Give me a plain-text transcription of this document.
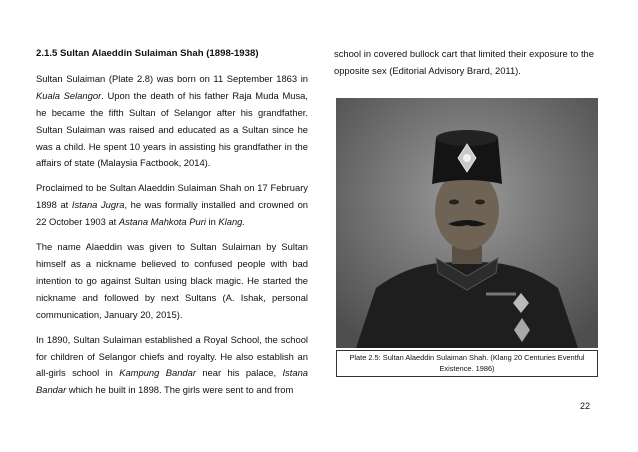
2.1.5 Sultan Alaeddin Sulaiman Shah (1898-1938)

Sultan Sulaiman (Plate 2.8) was born on 11 September 1863 in Kuala Selangor. Upon the death of his father Raja Muda Musa, he became the fifth Sultan of Selangor after his grandfather. Sultan Sulaiman was raised and educated as a Sultan since he was a child. He spent 10 years in assisting his grandfather in the affairs of state (Malaysia Factbook, 2014).

Proclaimed to be Sultan Alaeddin Sulaiman Shah on 17 February 1898 at Istana Jugra, he was formally installed and crowned on 22 October 1903 at Astana Mahkota Puri in Klang.

The name Alaeddin was given to Sultan Sulaiman by Sultan himself as a nickname believed to confused people with bad intention to go against Sultan using black magic. He started the nickname and followed by next Sultans (A. Ishak, personal communication, January 20, 2015).

In 1890, Sultan Sulaiman established a Royal School, the school for children of Selangor chiefs and royalty. He also establish an all-girls school in Kampung Bandar near his palace, Istana Bandar which he built in 1898. The girls were sent to and from

school in covered bullock cart that limited their exposure to the opposite sex (Editorial Advisory Brard, 2011).

Plate 2.5: Sultan Alaeddin Sulaiman Shah. (Klang 20 Centuries Eventful Existence. 1986)
22
